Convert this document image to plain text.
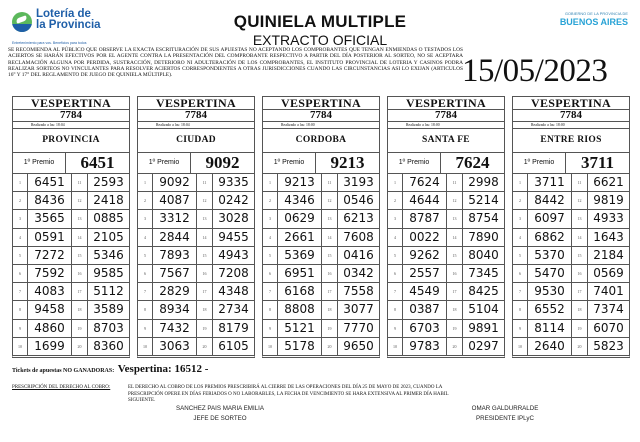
Lotería de
la Provincia
Entretenimiento para vos. Beneficios para todos
QUINIELA MULTIPLE
EXTRACTO OFICIAL
GOBIERNO DE LA PROVINCIA DE
BUENOS AIRES
SE RECOMIENDA AL PÚBLICO QUE OBSERVE LA EXACTA ESCRITURACIÓN DE SUS APUESTAS NO ACEPTANDO LOS COMPROBANTES QUE TENGAN ENMIENDAS O TESTADOS LOS ACIERTOS SE HARÁN EFECTIVOS POR EL AGENTE CONTRA LA PRESENTACIÓN DEL COMPROBANTE RESPECTIVO A PARTIR DEL DÍA POSTERIOR AL SORTEO, NO SE ACEPTARA RECLAMACIÓN ALGUNA POR PERDIDA, SUSTRACCIÓN, DETERIORO NI ADULTERACIÓN DE LOS COMPROBANTES, EL INSTITUTO PROVINCIAL DE LOTERIA Y CASINOS PODRA REALIZAR SORTEOS NO VINCULANTES PARA RESOLVER ACIERTOS CORRESPONDIENTES A OTRAS JURISDICCIONES CUANDO LAS CIRCUNSTANCIAS ASI LO EXIJAN (ARTICULOS 16° Y 17° DEL REGLAMENTO DE JUEGO DE QUINIELA MÚLTIPLE).	15/05/2023
VESPERTINA
7784
Realizado a las: 18:04
PROVINCIA
1º Premio	6451
1	6451	11 2593
2	8436	12 2418
3	3565	13 0885
4	0591	14 2105
5	7272	15 5346
6	7592	16 9585
7	4083	17 5112
8	9458	18 3589
9	4860	19 8703
10	1699	20 8360
VESPERTINA
7784
Realizado a las: 18:04
CIUDAD
1º Premio	9092
1	9092	11 9335
2	4087	12 0242
3	3312	13 3028
4	2844	14 9455
5	7893	15 4943
6	7567	16 7208
7	2829	17 4348
8	8934	18 2734
9	7432	19 8179
10	3063	20 6105
VESPERTINA
7784
Realizado a las: 18:00
CORDOBA
1º Premio	9213
1	9213	11 3193
2	4346	12 0546
3	0629	13 6213
4	2661	14 7608
5	5369	15 0416
6	6951	16 0342
7	6168	17 7558
8	8808	18 3077
9	5121	19 7770
10	5178	20 9650
VESPERTINA
7784
Realizado a las: 18:00
SANTA FE
1º Premio	7624
1	7624	11 2998
2	4644	12 5214
3	8787	13 8754
4	0022	14 7890
5	9262	15 8040
6	2557	16 7345
7	4549	17 8425
8	0387	18 5104
9	6703	19 9891
10	9783	20 0297
VESPERTINA
7784
Realizado a las: 18:00
ENTRE RIOS
1º Premio	3711
1	3711	11 6621
2	8442	12 9819
3	6097	13 4933
4	6862	14 1643
5	5370	15 2184
6	5470	16 0569
7	9530	17 7401
8	6552	18 7374
9	8114	19 6070
10	2640	20 5823
Tickets de apuestas NO GANADORAS: Vespertina: 16512 -
PRESCRIPCIÓN DEL DERECHO AL COBRO:	EL DERECHO AL COBRO DE LOS PREMIOS PRESCRIBIRÁ AL CIERRE DE LAS OPERACIONES DEL DÍA 25 DE MAYO DE 2023, CUANDO LA PRESCRIPCIÓN OPERE EN DÍAS FERIADOS O NO LABORABLES, LA FECHA DE VENCIMIENTO SE HARA EXTENSIVA AL PRIMER DÍA HABIL SIGUIENTE.
SANCHEZ PAIS MARIA EMILIA
JEFE DE SORTEO
OMAR GALDURRALDE
PRESIDENTE IPLyC
